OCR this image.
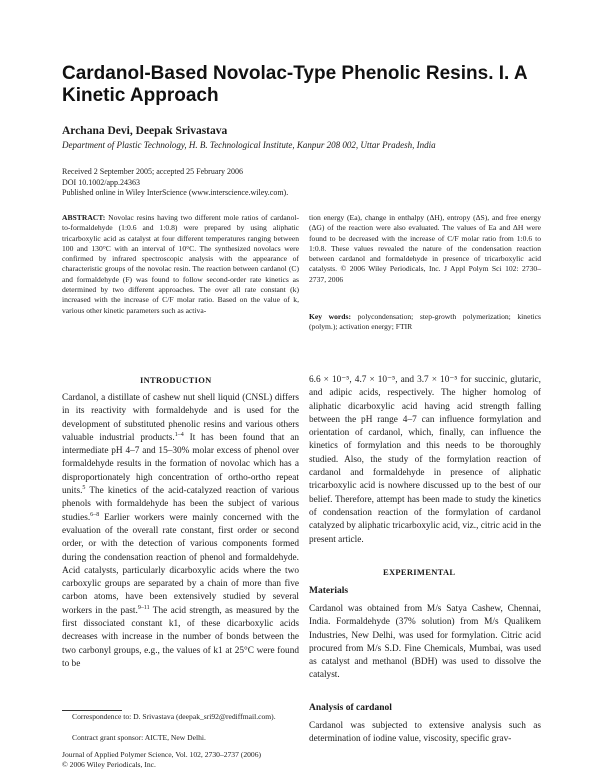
Cardanol-Based Novolac-Type Phenolic Resins. I. A Kinetic Approach

Archana Devi, Deepak Srivastava

Department of Plastic Technology, H. B. Technological Institute, Kanpur 208 002, Uttar Pradesh, India

Received 2 September 2005; accepted 25 February 2006
DOI 10.1002/app.24363
Published online in Wiley InterScience (www.interscience.wiley.com).

ABSTRACT: Novolac resins having two different mole ratios of cardanol-to-formaldehyde (1:0.6 and 1:0.8) were prepared by using aliphatic tricarboxylic acid as catalyst at four different temperatures ranging between 100 and 130°C with an interval of 10°C. The synthesized novolacs were confirmed by infrared spectroscopic analysis with the appearance of characteristic groups of the novolac resin. The reaction between cardanol (C) and formaldehyde (F) was found to follow second-order rate kinetics as determined by two different approaches. The over all rate constant (k) increased with the increase of C/F molar ratio. Based on the value of k, various other kinetic parameters such as activa-

tion energy (Ea), change in enthalpy (ΔH), entropy (ΔS), and free energy (ΔG) of the reaction were also evaluated. The values of Ea and ΔH were found to be decreased with the increase of C/F molar ratio from 1:0.6 to 1:0.8. These values revealed the nature of the condensation reaction between cardanol and formaldehyde in presence of tricarboxylic acid catalysts. © 2006 Wiley Periodicals, Inc. J Appl Polym Sci 102: 2730–2737, 2006

Key words: polycondensation; step-growth polymerization; kinetics (polym.); activation energy; FTIR

INTRODUCTION

Cardanol, a distillate of cashew nut shell liquid (CNSL) differs in its reactivity with formaldehyde and is used for the development of substituted phenolic resins and various others valuable industrial products.$^{1-4}$ It has been found that an intermediate pH 4–7 and 15–30% molar excess of phenol over formaldehyde results in the formation of novolac which has a disproportionately high concentration of ortho-ortho repeat units.$^5$ The kinetics of the acid-catalyzed reaction of various phenols with formaldehyde has been the subject of various studies.$^{6-8}$ Earlier workers were mainly concerned with the evaluation of the overall rate constant, first order or second order, or with the detection of various components formed during the condensation reaction of phenol and formaldehyde. Acid catalysts, particularly dicarboxylic acids where the two carboxylic groups are separated by a chain of more than five carbon atoms, have been extensively studied by several workers in the past.$^{9-11}$ The acid strength, as measured by the first dissociated constant k1, of these dicarboxylic acids decreases with increase in the number of bonds between the two carbonyl groups, e.g., the values of k1 at 25°C were found to be

6.6 × 10⁻⁵, 4.7 × 10⁻⁵, and 3.7 × 10⁻⁵ for succinic, glutaric, and adipic acids, respectively. The higher homolog of aliphatic dicarboxylic acid having acid strength falling between the pH range 4–7 can influence formylation and orientation of cardanol, which, finally, can influence the kinetics of formylation and this needs to be thoroughly studied. Also, the study of the formylation reaction of cardanol and formaldehyde in presence of aliphatic tricarboxylic acid is nowhere discussed up to the best of our belief. Therefore, attempt has been made to study the kinetics of condensation reaction of the formylation of cardanol catalyzed by aliphatic tricarboxylic acid, viz., citric acid in the present article.

EXPERIMENTAL

Materials

Cardanol was obtained from M/s Satya Cashew, Chennai, India. Formaldehyde (37% solution) from M/s Qualikem Industries, New Delhi, was used for formylation. Citric acid procured from M/s S.D. Fine Chemicals, Mumbai, was used as catalyst and methanol (BDH) was used to dissolve the catalyst.

Analysis of cardanol

Cardanol was subjected to extensive analysis such as determination of iodine value, viscosity, specific grav-

Correspondence to: D. Srivastava (deepak_sri92@rediffmail.com).

Contract grant sponsor: AICTE, New Delhi.

Journal of Applied Polymer Science, Vol. 102, 2730–2737 (2006)
© 2006 Wiley Periodicals, Inc.
